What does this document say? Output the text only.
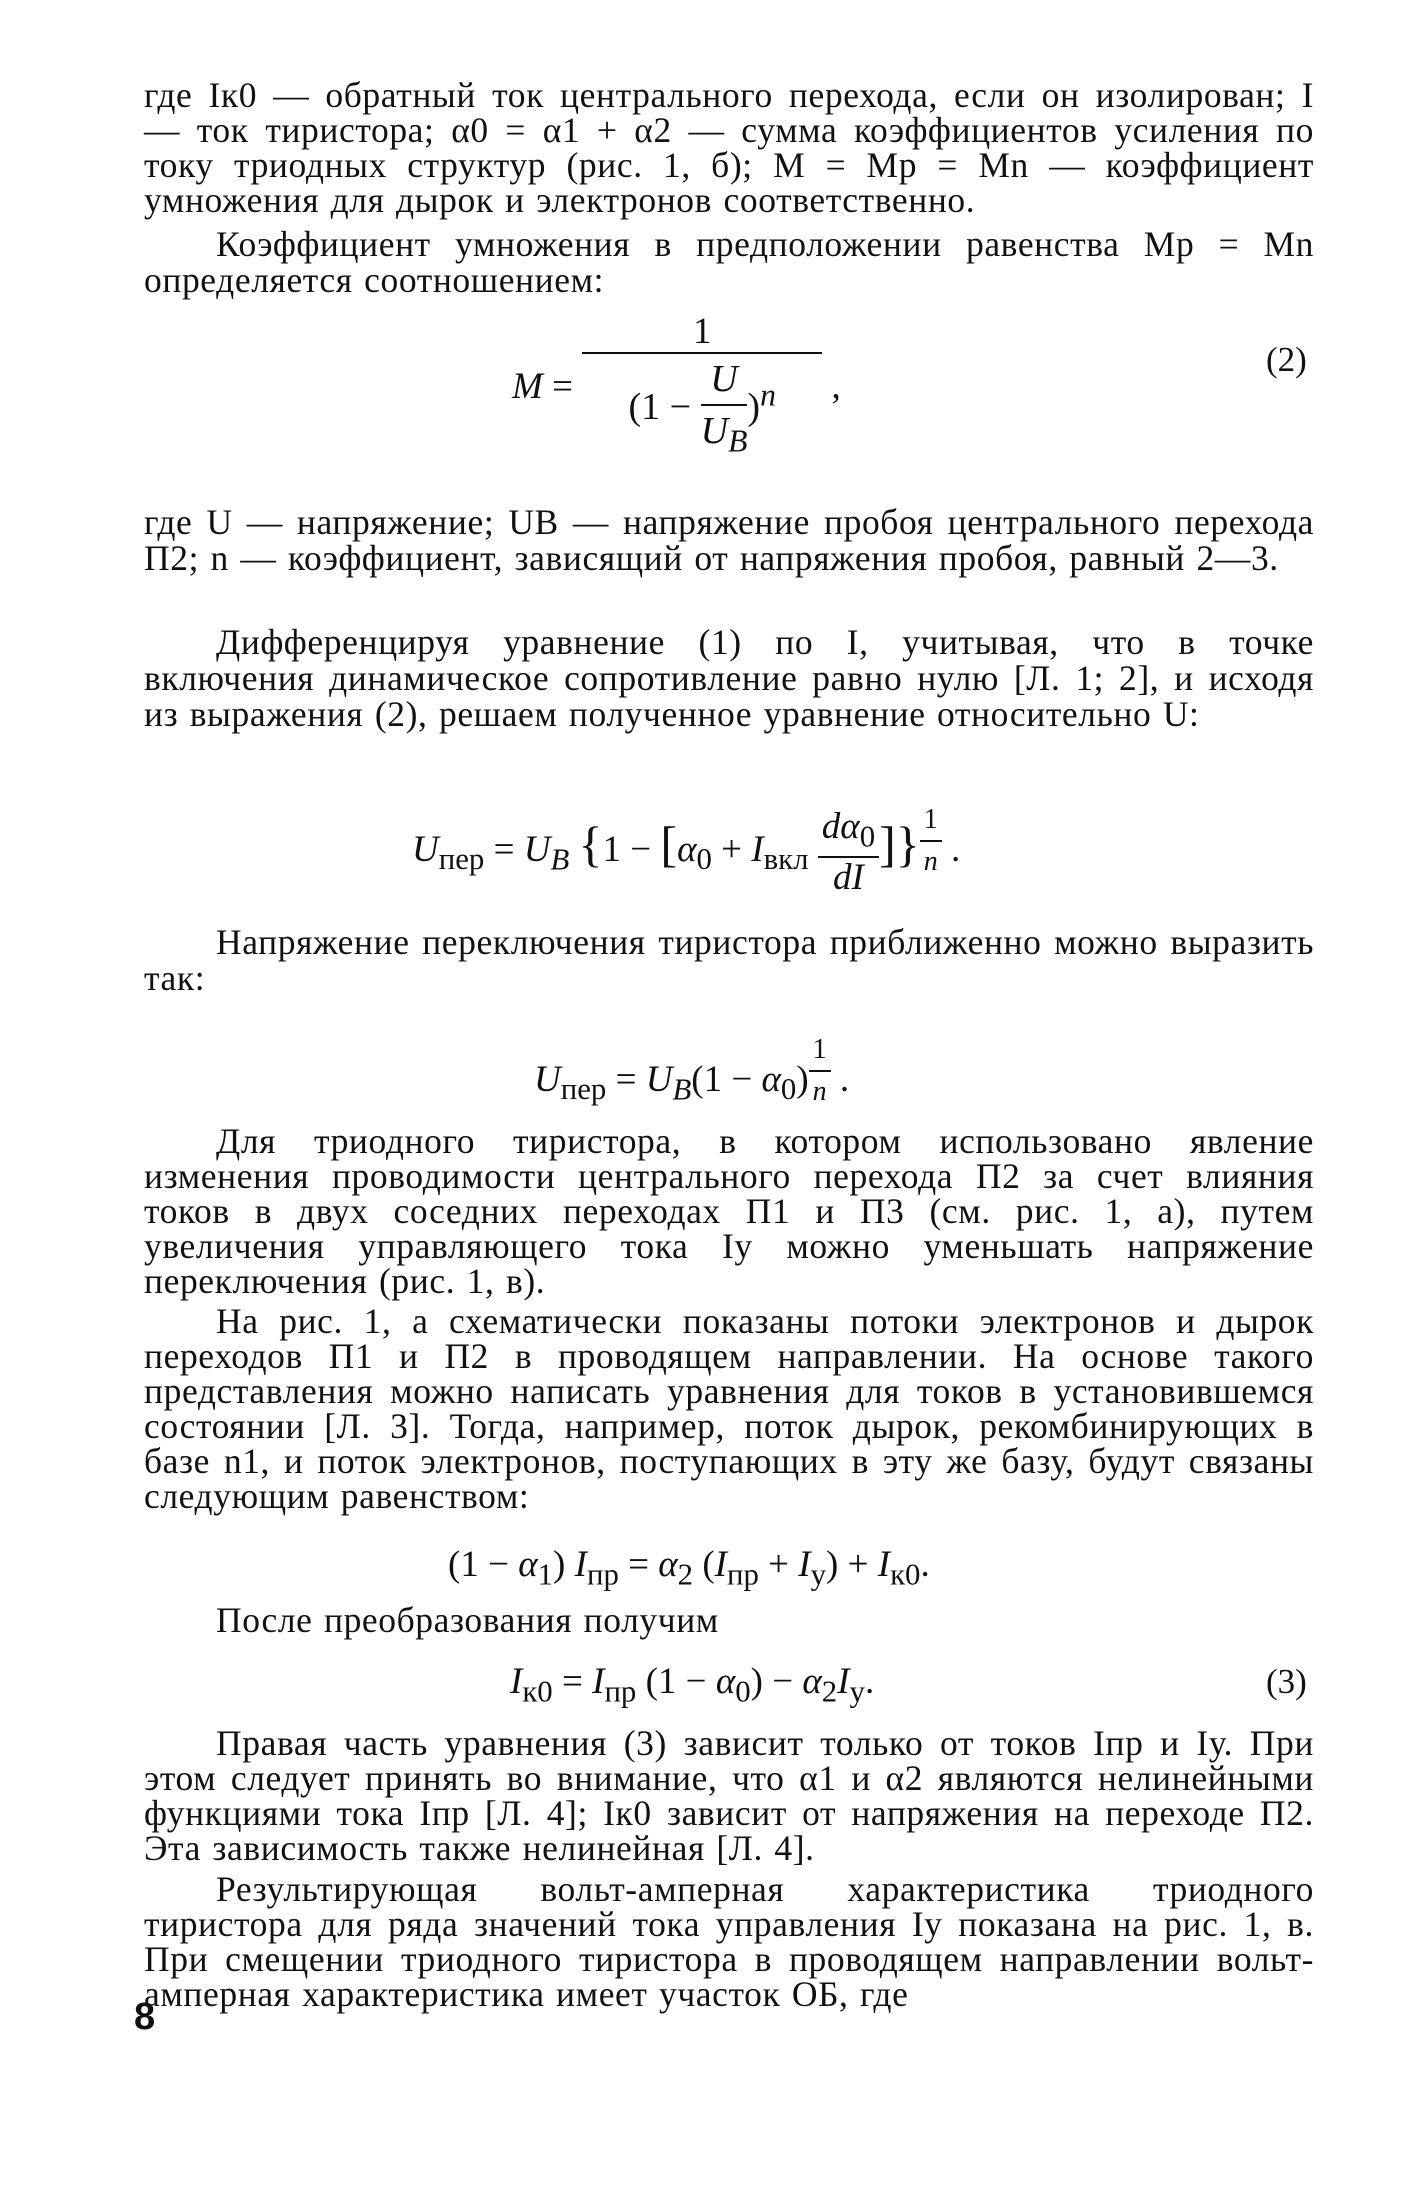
где Iк0 — обратный ток центрального перехода, если он изолирован; I — ток тиристора; α0 = α1 + α2 — сумма коэффициентов усиления по току триодных структур (рис. 1, б); M = Mp = Mn — коэффициент умножения для дырок и электронов соответственно.

Коэффициент умножения в предположении равенства Mp = Mn определяется соотношением:

$M = \frac{1}{(1 - \frac{U}{U_B} )^n}$ ,
(2)

где U — напряжение; UB — напряжение пробоя центрального перехода П2; n — коэффициент, зависящий от напряжения пробоя, равный 2—3.

Дифференцируя уравнение (1) по I, учитывая, что в точке включения динамическое сопротивление равно нулю [Л. 1; 2], и исходя из выражения (2), решаем полученное уравнение относительно U:

$U_{пер} = U_B$ {$1 - [\alpha_0 + I_{вкл} \frac{d\alpha_0}{dI}$ ]} $^{\frac{1}{n}}$ .

Напряжение переключения тиристора приближенно можно выразить так:

$U_{пер} = U_B(1 - \alpha_0)$ $^{\frac{1}{n}}$ .

Для триодного тиристора, в котором использовано явление изменения проводимости центрального перехода П2 за счет влияния токов в двух соседних переходах П1 и П3 (см. рис. 1, а), путем увеличения управляющего тока Iу можно уменьшать напряжение переключения (рис. 1, в).

На рис. 1, а схематически показаны потоки электронов и дырок переходов П1 и П2 в проводящем направлении. На основе такого представления можно написать уравнения для токов в установившемся состоянии [Л. 3]. Тогда, например, поток дырок, рекомбинирующих в базе n1, и поток электронов, поступающих в эту же базу, будут связаны следующим равенством:

$(1 - \alpha_1)$ $I_{пр} = \alpha_2$ $(I_{пр} + I_у) + I_{к0}$.

После преобразования получим

$I_{к0} = I_{пр}$ $(1 - \alpha_0) - \alpha_2I_у$.	(3)

Правая часть уравнения (3) зависит только от токов Iпр и Iу. При этом следует принять во внимание, что α1 и α2 являются нелинейными функциями тока Iпр [Л. 4]; Iк0 зависит от напряжения на переходе П2. Эта зависимость также нелинейная [Л. 4].

Результирующая вольт-амперная характеристика триодного тиристора для ряда значений тока управления Iу показана на рис. 1, в. При смещении триодного тиристора в проводящем направлении вольт-амперная характеристика имеет участок ОБ, где

8
